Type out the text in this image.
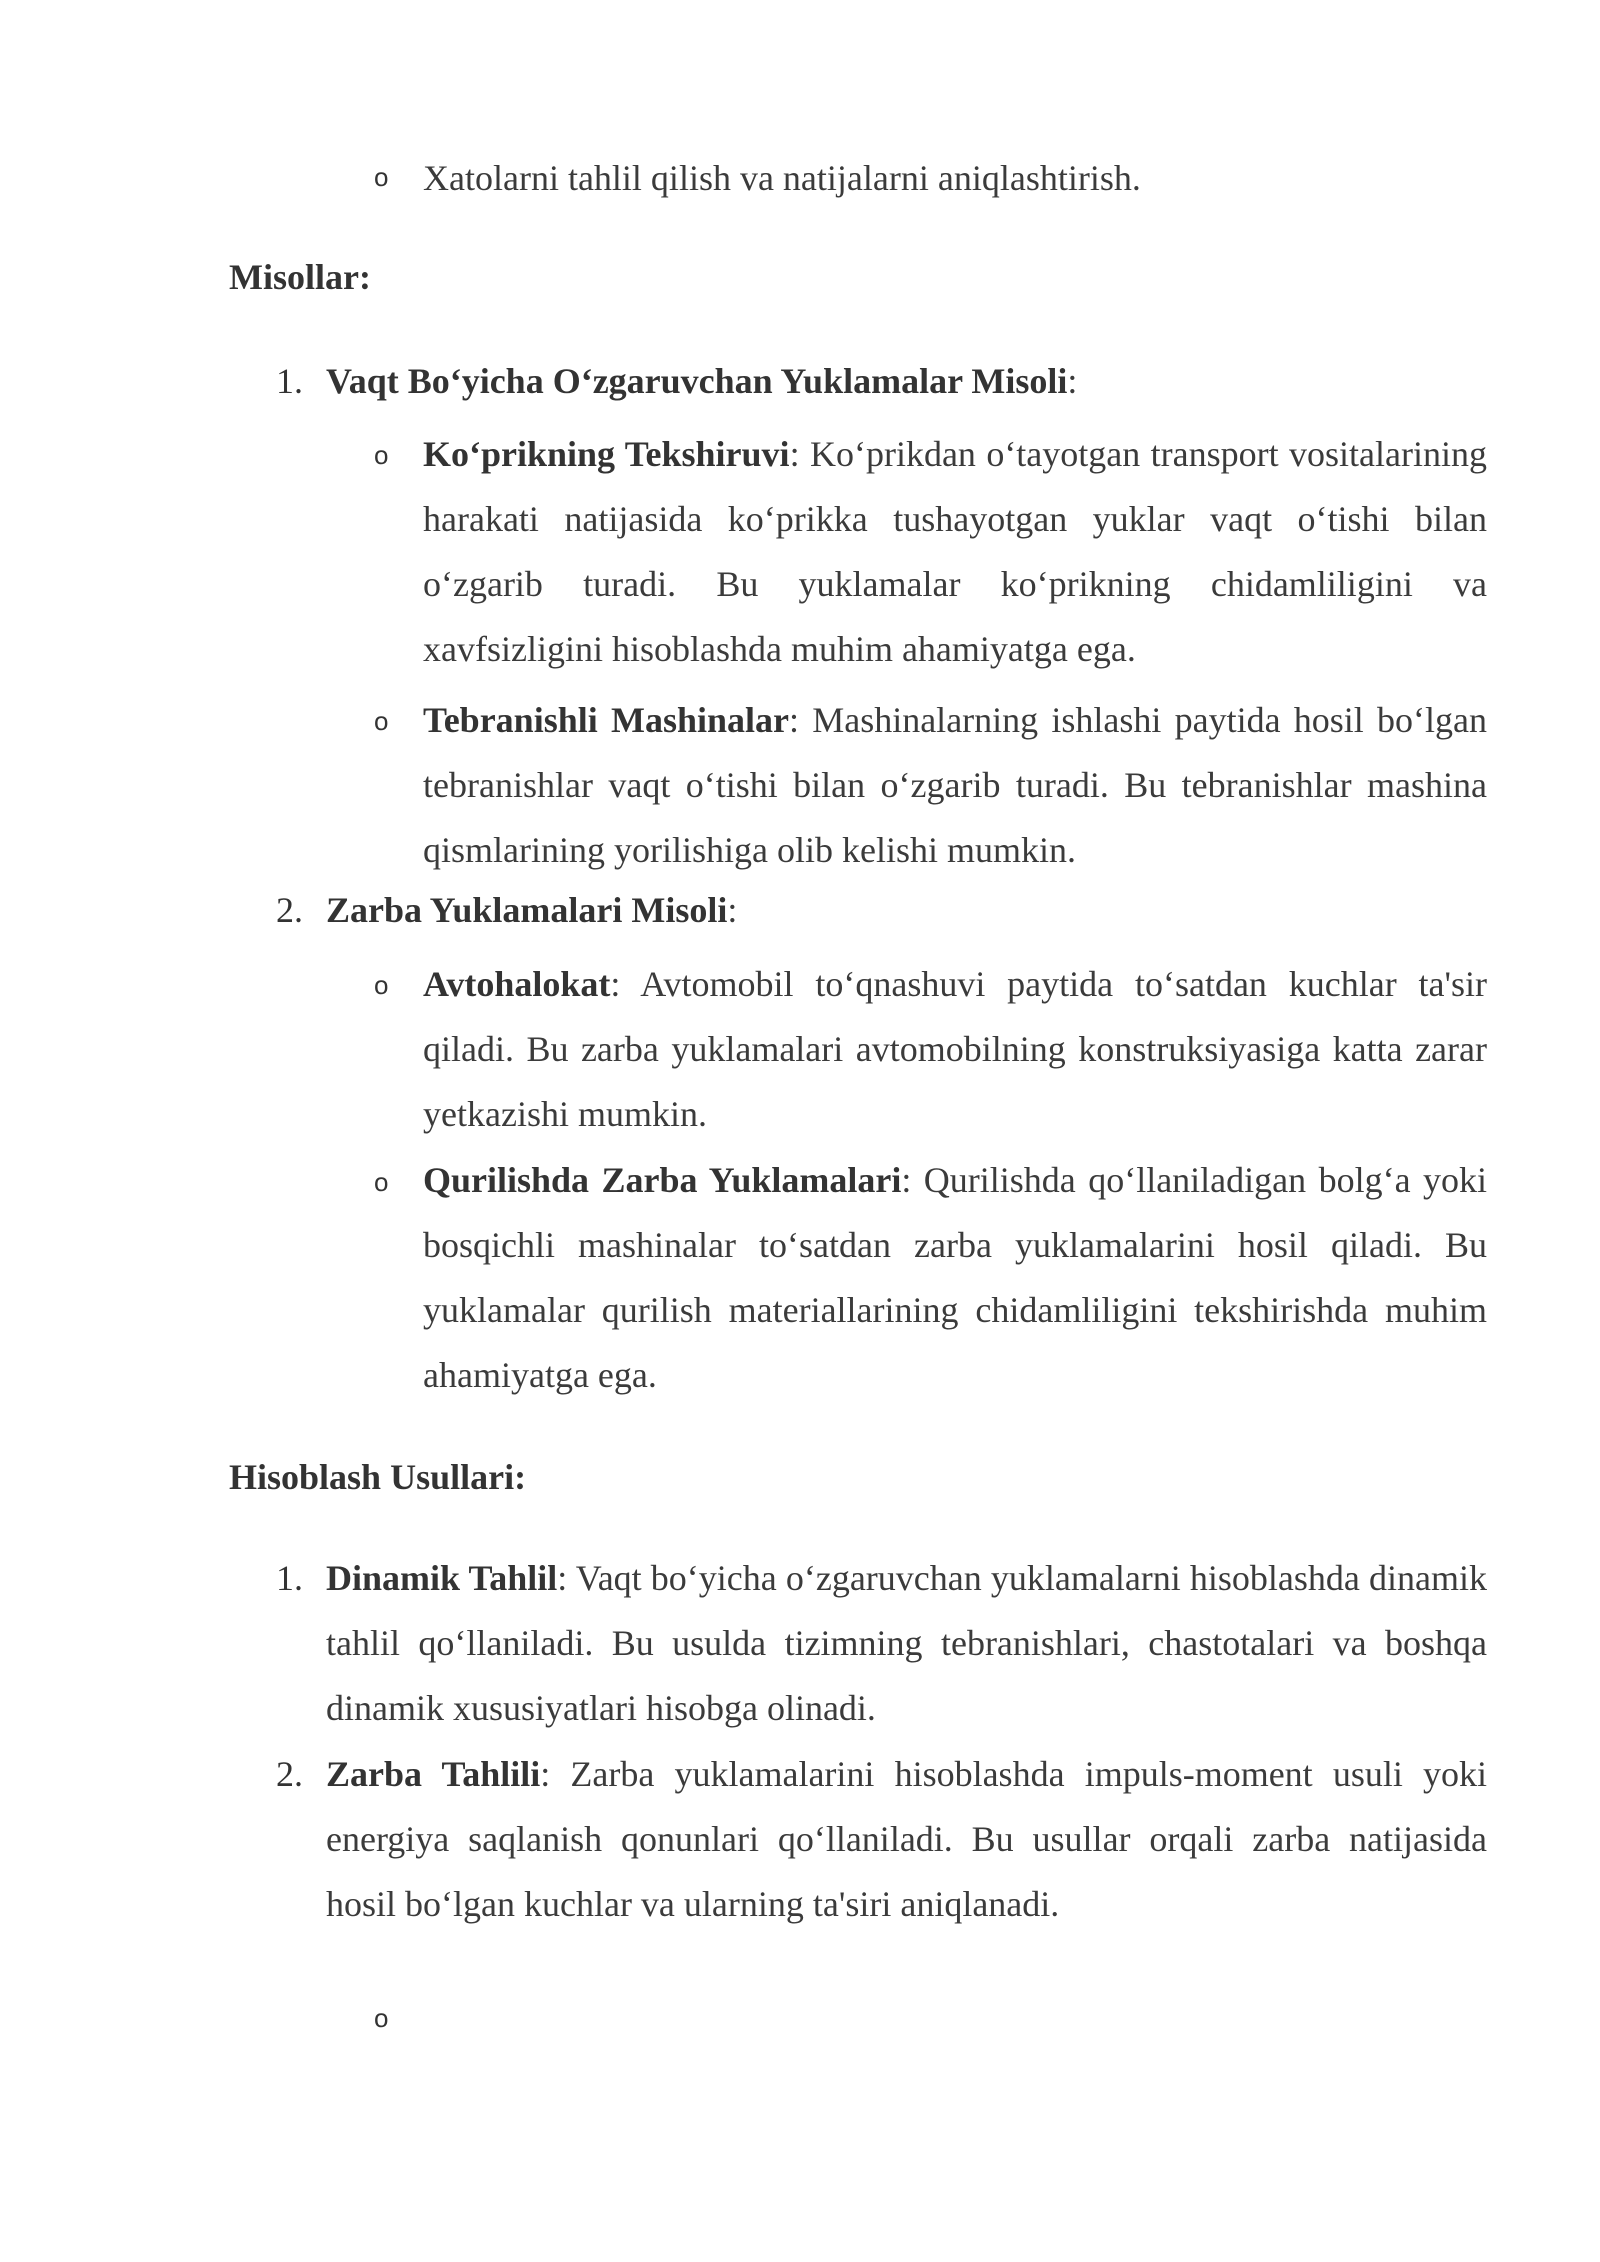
o Xatolarni tahlil qilish va natijalarni aniqlashtirish.
Misollar:
1. Vaqt Bo‘yicha O‘zgaruvchan Yuklamalar Misoli:
o Ko‘prikning Tekshiruvi: Ko‘prikdan o‘tayotgan transport vositalarining harakati natijasida ko‘prikka tushayotgan yuklar vaqt o‘tishi bilan o‘zgarib turadi. Bu yuklamalar ko‘prikning chidamliligini va xavfsizligini hisoblashda muhim ahamiyatga ega.
o Tebranishli Mashinalar: Mashinalarning ishlashi paytida hosil bo‘lgan tebranishlar vaqt o‘tishi bilan o‘zgarib turadi. Bu tebranishlar mashina qismlarining yorilishiga olib kelishi mumkin.
2. Zarba Yuklamalari Misoli:
o Avtohalokat: Avtomobil to‘qnashuvi paytida to‘satdan kuchlar ta'sir qiladi. Bu zarba yuklamalari avtomobilning konstruksiyasiga katta zarar yetkazishi mumkin.
o Qurilishda Zarba Yuklamalari: Qurilishda qo‘llaniladigan bolg‘a yoki bosqichli mashinalar to‘satdan zarba yuklamalarini hosil qiladi. Bu yuklamalar qurilish materiallarining chidamliligini tekshirishda muhim ahamiyatga ega.
Hisoblash Usullari:
1. Dinamik Tahlil: Vaqt bo‘yicha o‘zgaruvchan yuklamalarni hisoblashda dinamik tahlil qo‘llaniladi. Bu usulda tizimning tebranishlari, chastotalari va boshqa dinamik xususiyatlari hisobga olinadi.
2. Zarba Tahlili: Zarba yuklamalarini hisoblashda impuls-moment usuli yoki energiya saqlanish qonunlari qo‘llaniladi. Bu usullar orqali zarba natijasida hosil bo‘lgan kuchlar va ularning ta'siri aniqlanadi.
o
